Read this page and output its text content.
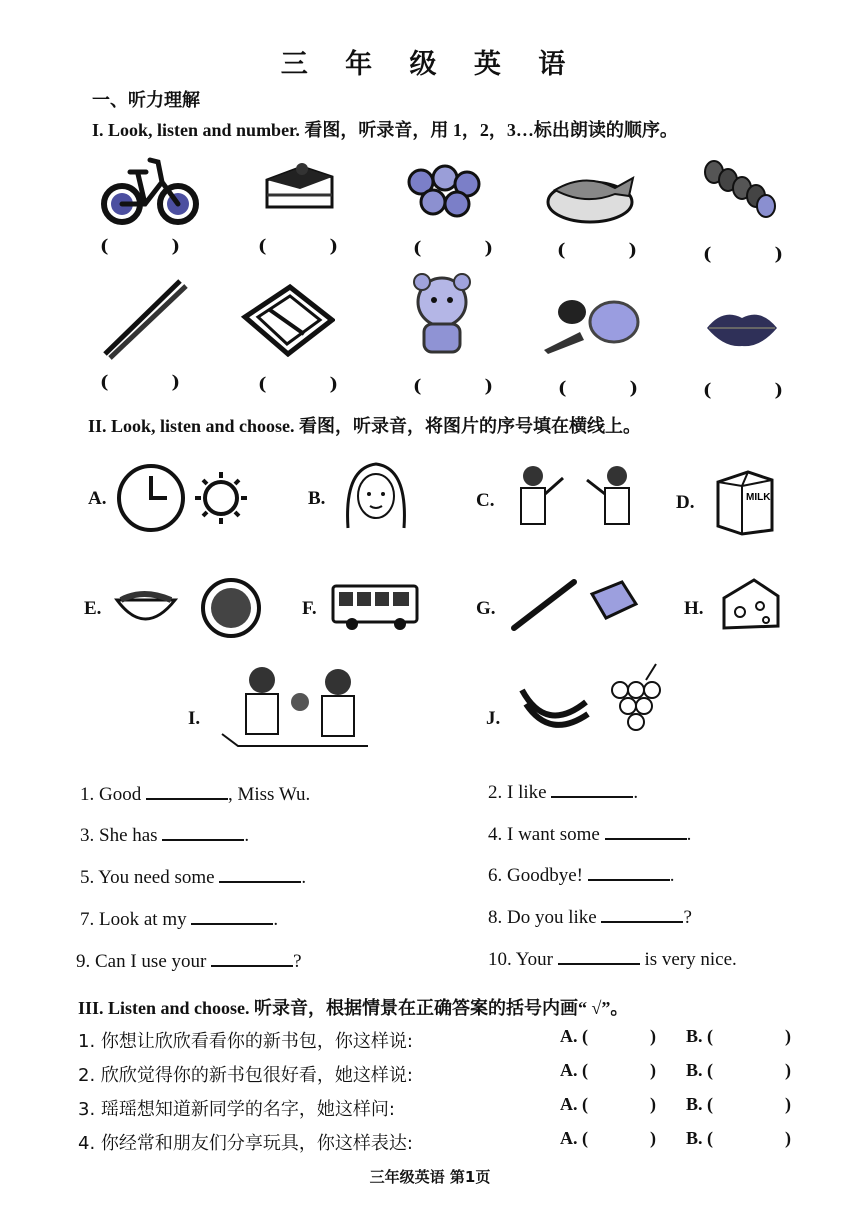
三 年 级 英 语
一、听力理解
I. Look, listen and number. 看图，听录音，用 1，2，3…标出朗读的顺序。
(	)	(	)	(	)	(	)	(	)
(	)	(	)	(	)	(	)	(	)
II. Look, listen and choose. 看图，听录音，将图片的序号填在横线上。
A.	B.	C.	D.	MILK
E.	F.	G.	H.
I.	J.
1. Good	, Miss Wu.	2. I like	.
3. She has	.	4. I want some	.
5. You need some	.	6. Goodbye!	.
7. Look at my	.	8. Do you like	?
9. Can I use your	?	10. Your	is very nice.
III. Listen and choose. 听录音，根据情景在正确答案的括号内画“ √”。
1. 你想让欣欣看看你的新书包，你这样说:	A. (	) B. (	)
2. 欣欣觉得你的新书包很好看，她这样说:	A. (	) B. (	)
3. 瑶瑶想知道新同学的名字，她这样问:	A. (	) B. (	)
4. 你经常和朋友们分享玩具，你这样表达:	A. (	) B. (	)
三年级英语 第1页
